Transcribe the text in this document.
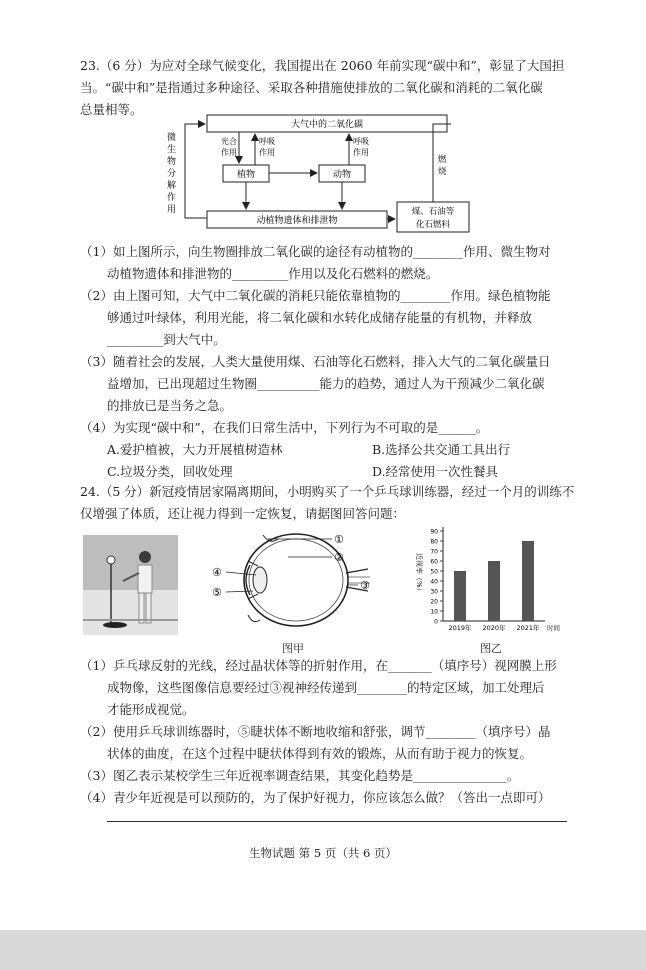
23.（6 分）为应对全球气候变化，我国提出在 2060 年前实现“碳中和”，彰显了大国担
当。“碳中和”是指通过多种途径、采取各种措施使排放的二氧化碳和消耗的二氧化碳
总量相等。
大气中的二氧化碳
微
生
物
分
解
作
用
光合
作用
呼吸
作用
呼吸
作用
植物	动物
动植物遗体和排泄物
煤、石油等
化石燃料
燃
烧
（1）如上图所示，向生物圈排放二氧化碳的途径有动植物的________作用、微生物对
动植物遗体和排泄物的_________作用以及化石燃料的燃烧。
（2）由上图可知，大气中二氧化碳的消耗只能依靠植物的________作用。绿色植物能
够通过叶绿体，利用光能，将二氧化碳和水转化成储存能量的有机物，并释放
_________到大气中。
（3）随着社会的发展，人类大量使用煤、石油等化石燃料，排入大气的二氧化碳量日
益增加，已出现超过生物圈__________能力的趋势，通过人为干预减少二氧化碳
的排放已是当务之急。
（4）为实现“碳中和”，在我们日常生活中，下列行为不可取的是______。
A.爱护植被，大力开展植树造林	B.选择公共交通工具出行
C.垃圾分类，回收处理	D.经常使用一次性餐具
24.（5 分）新冠疫情居家隔离期间，小明购买了一个乒乓球训练器，经过一个月的训练不
仅增强了体质，还让视力得到一定恢复，请据图回答问题：
①
②
③
④
⑤
图甲
0
10
20
30
40
50
60
70
80
90
近视率（%）
时间
2019年 2020年 2021年
图乙
（1）乒乓球反射的光线，经过晶状体等的折射作用，在_______（填序号）视网膜上形
成物像，这些图像信息要经过③视神经传递到________的特定区域，加工处理后
才能形成视觉。
（2）使用乒乓球训练器时，⑤睫状体不断地收缩和舒张，调节________（填序号）晶
状体的曲度，在这个过程中睫状体得到有效的锻炼，从而有助于视力的恢复。
（3）图乙表示某校学生三年近视率调查结果，其变化趋势是_______________。
（4）青少年近视是可以预防的，为了保护好视力，你应该怎么做？（答出一点即可）
生物试题 第 5 页（共 6 页）
